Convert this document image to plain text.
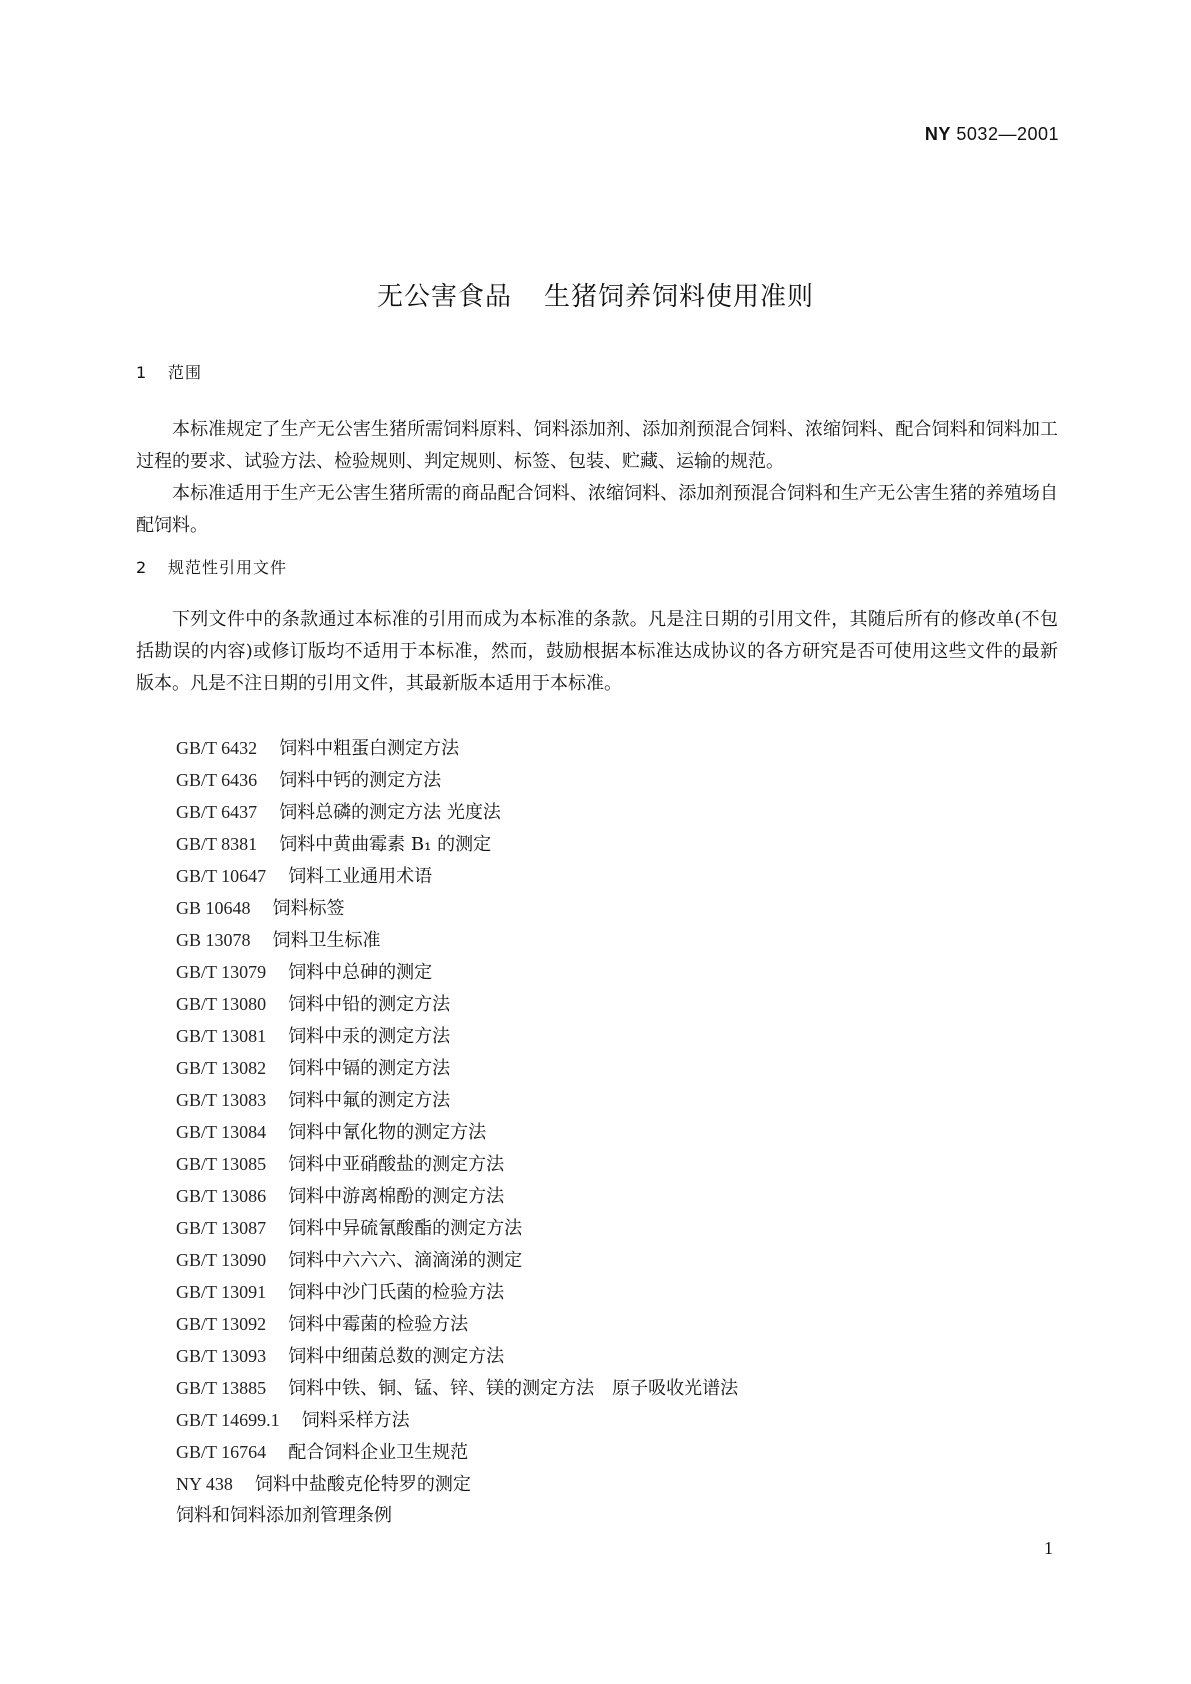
NY 5032—2001
无公害食品 生猪饲养饲料使用准则
1 范围

本标准规定了生产无公害生猪所需饲料原料、饲料添加剂、添加剂预混合饲料、浓缩饲料、配合饲料和饲料加工过程的要求、试验方法、检验规则、判定规则、标签、包装、贮藏、运输的规范。

本标准适用于生产无公害生猪所需的商品配合饲料、浓缩饲料、添加剂预混合饲料和生产无公害生猪的养殖场自配饲料。

2 规范性引用文件

下列文件中的条款通过本标准的引用而成为本标准的条款。凡是注日期的引用文件，其随后所有的修改单(不包括勘误的内容)或修订版均不适用于本标准，然而，鼓励根据本标准达成协议的各方研究是否可使用这些文件的最新版本。凡是不注日期的引用文件，其最新版本适用于本标准。

GB/T 6432 饲料中粗蛋白测定方法
GB/T 6436 饲料中钙的测定方法
GB/T 6437 饲料总磷的测定方法 光度法
GB/T 8381 饲料中黄曲霉素 B₁ 的测定
GB/T 10647 饲料工业通用术语
GB 10648 饲料标签
GB 13078 饲料卫生标准
GB/T 13079 饲料中总砷的测定
GB/T 13080 饲料中铅的测定方法
GB/T 13081 饲料中汞的测定方法
GB/T 13082 饲料中镉的测定方法
GB/T 13083 饲料中氟的测定方法
GB/T 13084 饲料中氰化物的测定方法
GB/T 13085 饲料中亚硝酸盐的测定方法
GB/T 13086 饲料中游离棉酚的测定方法
GB/T 13087 饲料中异硫氰酸酯的测定方法
GB/T 13090 饲料中六六六、滴滴涕的测定
GB/T 13091 饲料中沙门氏菌的检验方法
GB/T 13092 饲料中霉菌的检验方法
GB/T 13093 饲料中细菌总数的测定方法
GB/T 13885 饲料中铁、铜、锰、锌、镁的测定方法　原子吸收光谱法
GB/T 14699.1 饲料采样方法
GB/T 16764 配合饲料企业卫生规范
NY 438 饲料中盐酸克伦特罗的测定
饲料和饲料添加剂管理条例
1
